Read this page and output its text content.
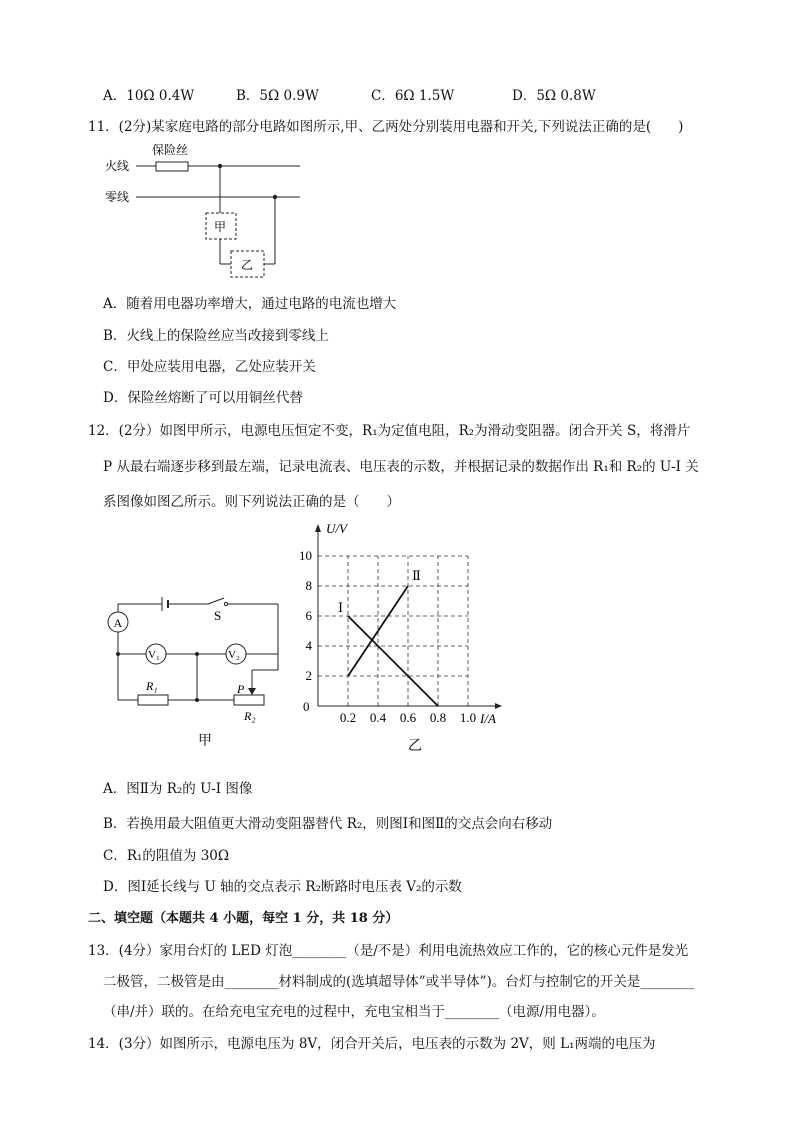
A．10Ω 0.4W	B．5Ω 0.9W	C．6Ω 1.5W	D．5Ω 0.8W
11．(2分)某家庭电路的部分电路如图所示,甲、乙两处分别装用电器和开关,下列说法正确的是(　　)
保险丝
火线
零线
甲
乙
A．随着用电器功率增大，通过电路的电流也增大
B．火线上的保险丝应当改接到零线上
C．甲处应装用电器，乙处应装开关
D．保险丝熔断了可以用铜丝代替
12．(2分）如图甲所示，电源电压恒定不变，R₁为定值电阻，R₂为滑动变阻器。闭合开关 S，将滑片
P 从最右端逐步移到最左端，记录电流表、电压表的示数，并根据记录的数据作出 R₁和 R₂的 U-I 关
系图像如图乙所示。则下列说法正确的是（　　）
A	S
V₁	V₂
R₁	P
R₂
甲
0.2 0.4 0.6 0.8 1.0
2
4
6
8
10
Ⅰ
Ⅱ
0
I/A
U/V
乙
A．图Ⅱ为 R₂的 U-I 图像
B．若换用最大阻值更大滑动变阻器替代 R₂，则图Ⅰ和图Ⅱ的交点会向右移动
C．R₁的阻值为 30Ω
D．图Ⅰ延长线与 U 轴的交点表示 R₂断路时电压表 V₂的示数
二、填空题（本题共 4 小题，每空 1 分，共 18 分）
13．(4分）家用台灯的 LED 灯泡________（是/不是）利用电流热效应工作的，它的核心元件是发光
二极管，二极管是由________材料制成的(选填超导体”或半导体”)。台灯与控制它的开关是________
（串/并）联的。在给充电宝充电的过程中，充电宝相当于________（电源/用电器）。
14．(3分）如图所示，电源电压为 8V，闭合开关后，电压表的示数为 2V，则 L₁两端的电压为
